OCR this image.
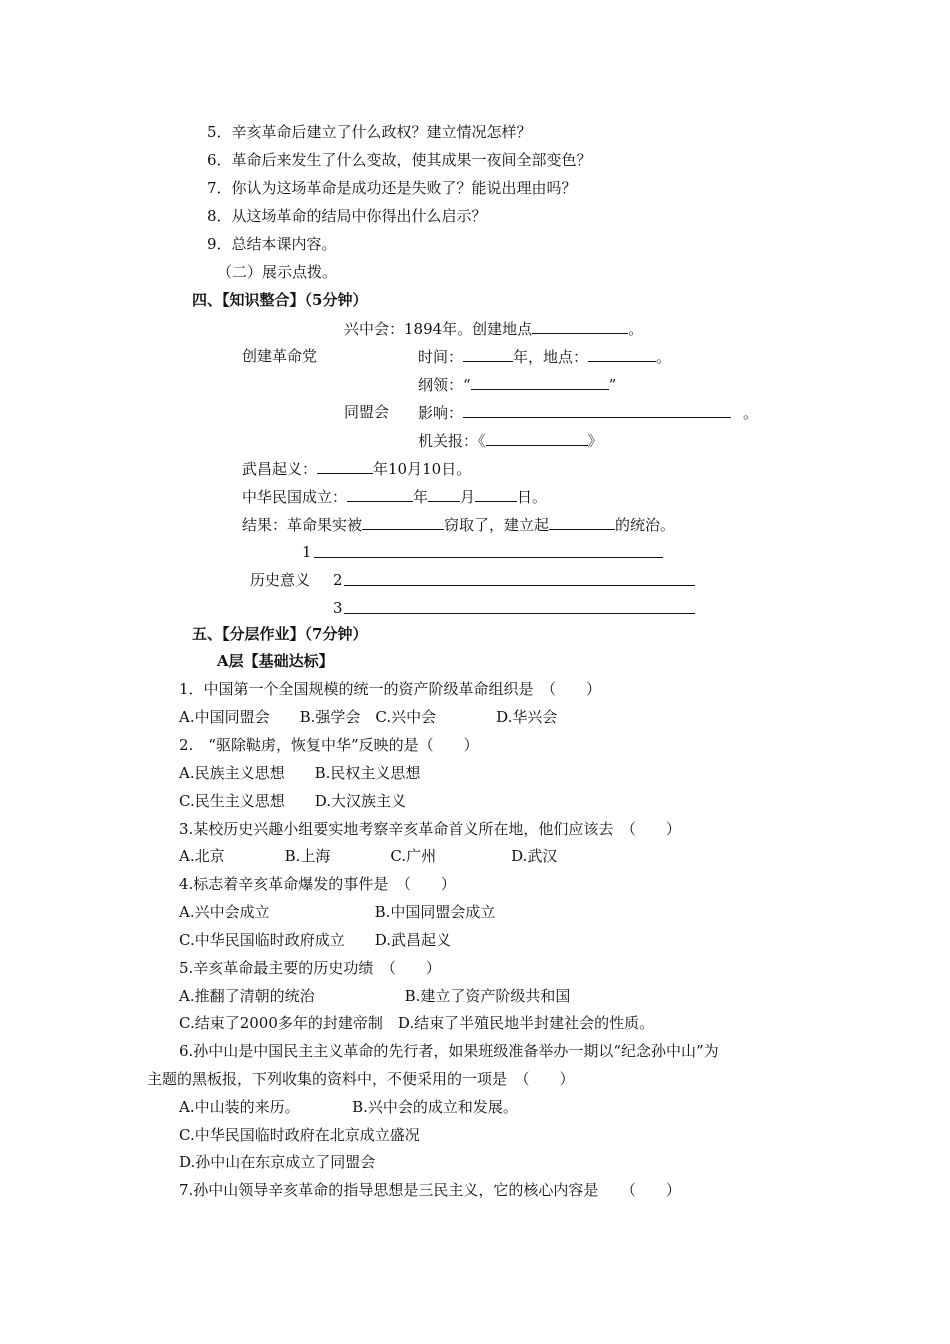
5．辛亥革命后建立了什么政权？建立情况怎样？
6．革命后来发生了什么变故，使其成果一夜间全部变色？
7．你认为这场革命是成功还是失败了？能说出理由吗？
8．从这场革命的结局中你得出什么启示？
9．总结本课内容。
（二）展示点拨。
四、【知识整合】（5分钟）
兴中会：1894年。创建地点	。
创建革命党	时间：	年，地点：	。
纲领：“	”
同盟会 影响：	。
机关报：《	》
武昌起义：	年10月10日。
中华民国成立：	年 月	日。
结果：革命果实被	窃取了，建立起	的统治。
1
历史意义 2
3
五、【分层作业】（7分钟）
A层【基础达标】
1．中国第一个全国规模的统一的资产阶级革命组织是　（　　）
A.中国同盟会　　B.强学会　C.兴中会　　　　D.华兴会
2.　“驱除鞑虏，恢复中华”反映的是（　　）
A.民族主义思想　　B.民权主义思想
C.民生主义思想　　D.大汉族主义
3.某校历史兴趣小组要实地考察辛亥革命首义所在地，他们应该去　（　　）
A.北京　　　　B.上海　　　　C.广州　　　　　D.武汉
4.标志着辛亥革命爆发的事件是　（　　）
A.兴中会成立　　　　　　　B.中国同盟会成立
C.中华民国临时政府成立　　D.武昌起义
5.辛亥革命最主要的历史功绩　（　　）
A.推翻了清朝的统治　　　　　　B.建立了资产阶级共和国
C.结束了2000多年的封建帝制　D.结束了半殖民地半封建社会的性质。
6.孙中山是中国民主主义革命的先行者，如果班级准备举办一期以“纪念孙中山”为
主题的黑板报，下列收集的资料中，不便采用的一项是　（　　）
A.中山装的来历。　　　　B.兴中会的成立和发展。
C.中华民国临时政府在北京成立盛况
D.孙中山在东京成立了同盟会
7.孙中山领导辛亥革命的指导思想是三民主义，它的核心内容是　　（　　）
